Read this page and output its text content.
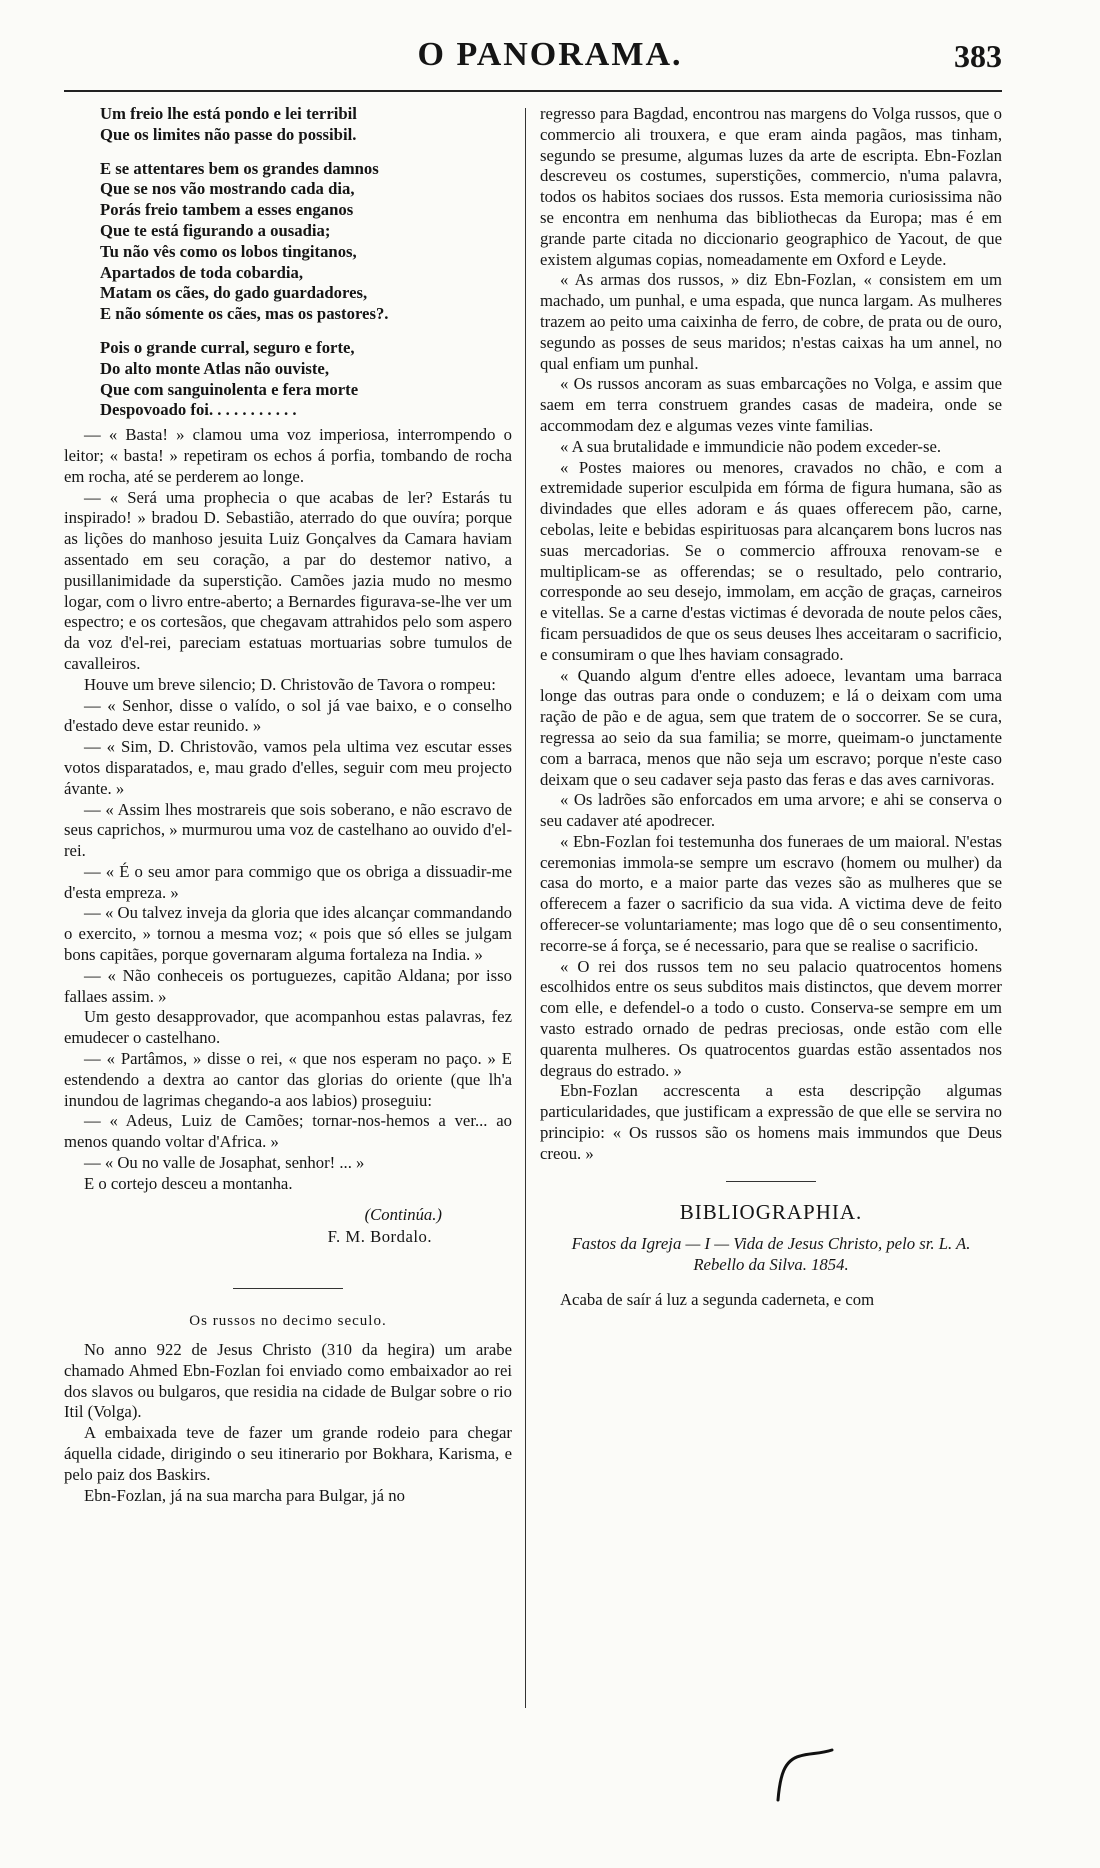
O PANORAMA.	383
Um freio lhe está pondo e lei terribil
Que os limites não passe do possibil.
E se attentares bem os grandes damnos
Que se nos vão mostrando cada dia,
Porás freio tambem a esses enganos
Que te está figurando a ousadia;
Tu não vês como os lobos tingitanos,
Apartados de toda cobardia,
Matam os cães, do gado guardadores,
E não sómente os cães, mas os pastores?.
Pois o grande curral, seguro e forte,
Do alto monte Atlas não ouviste,
Que com sanguinolenta e fera morte
Despovoado foi. . . . . . . . . . .

— « Basta! » clamou uma voz imperiosa, interrompendo o leitor; « basta! » repetiram os echos á porfia, tombando de rocha em rocha, até se perderem ao longe.

— « Será uma prophecia o que acabas de ler? Estarás tu inspirado! » bradou D. Sebastião, aterrado do que ouvíra; porque as lições do manhoso jesuita Luiz Gonçalves da Camara haviam assentado em seu coração, a par do destemor nativo, a pusillanimidade da superstição. Camões jazia mudo no mesmo logar, com o livro entre-aberto; a Bernardes figurava-se-lhe ver um espectro; e os cortesãos, que chegavam attrahidos pelo som aspero da voz d'el-rei, pareciam estatuas mortuarias sobre tumulos de cavalleiros.

Houve um breve silencio; D. Christovão de Tavora o rompeu:

— « Senhor, disse o valído, o sol já vae baixo, e o conselho d'estado deve estar reunido. »

— « Sim, D. Christovão, vamos pela ultima vez escutar esses votos disparatados, e, mau grado d'elles, seguir com meu projecto ávante. »

— « Assim lhes mostrareis que sois soberano, e não escravo de seus caprichos, » murmurou uma voz de castelhano ao ouvido d'el-rei.

— « É o seu amor para commigo que os obriga a dissuadir-me d'esta empreza. »

— « Ou talvez inveja da gloria que ides alcançar commandando o exercito, » tornou a mesma voz; « pois que só elles se julgam bons capitães, porque governaram alguma fortaleza na India. »

— « Não conheceis os portuguezes, capitão Aldana; por isso fallaes assim. »

Um gesto desapprovador, que acompanhou estas palavras, fez emudecer o castelhano.

— « Partâmos, » disse o rei, « que nos esperam no paço. » E estendendo a dextra ao cantor das glorias do oriente (que lh'a inundou de lagrimas chegando-a aos labios) proseguiu:

— « Adeus, Luiz de Camões; tornar-nos-hemos a ver... ao menos quando voltar d'Africa. »

— « Ou no valle de Josaphat, senhor! ... »

E o cortejo desceu a montanha.

(Continúa.)

F. M. Bordalo.

Os russos no decimo seculo.

No anno 922 de Jesus Christo (310 da hegira) um arabe chamado Ahmed Ebn-Fozlan foi enviado como embaixador ao rei dos slavos ou bulgaros, que residia na cidade de Bulgar sobre o rio Itil (Volga).

A embaixada teve de fazer um grande rodeio para chegar áquella cidade, dirigindo o seu itinerario por Bokhara, Karisma, e pelo paiz dos Baskirs.

Ebn-Fozlan, já na sua marcha para Bulgar, já no

regresso para Bagdad, encontrou nas margens do Volga russos, que o commercio ali trouxera, e que eram ainda pagãos, mas tinham, segundo se presume, algumas luzes da arte de escripta. Ebn-Fozlan descreveu os costumes, superstições, commercio, n'uma palavra, todos os habitos sociaes dos russos. Esta memoria curiosissima não se encontra em nenhuma das bibliothecas da Europa; mas é em grande parte citada no diccionario geographico de Yacout, de que existem algumas copias, nomeadamente em Oxford e Leyde.

« As armas dos russos, » diz Ebn-Fozlan, « consistem em um machado, um punhal, e uma espada, que nunca largam. As mulheres trazem ao peito uma caixinha de ferro, de cobre, de prata ou de ouro, segundo as posses de seus maridos; n'estas caixas ha um annel, no qual enfiam um punhal.

« Os russos ancoram as suas embarcações no Volga, e assim que saem em terra construem grandes casas de madeira, onde se accommodam dez e algumas vezes vinte familias.

« A sua brutalidade e immundicie não podem exceder-se.

« Postes maiores ou menores, cravados no chão, e com a extremidade superior esculpida em fórma de figura humana, são as divindades que elles adoram e ás quaes offerecem pão, carne, cebolas, leite e bebidas espirituosas para alcançarem bons lucros nas suas mercadorias. Se o commercio affrouxa renovam-se e multiplicam-se as offerendas; se o resultado, pelo contrario, corresponde ao seu desejo, immolam, em acção de graças, carneiros e vitellas. Se a carne d'estas victimas é devorada de noute pelos cães, ficam persuadidos de que os seus deuses lhes acceitaram o sacrificio, e consumiram o que lhes haviam consagrado.

« Quando algum d'entre elles adoece, levantam uma barraca longe das outras para onde o conduzem; e lá o deixam com uma ração de pão e de agua, sem que tratem de o soccorrer. Se se cura, regressa ao seio da sua familia; se morre, queimam-o junctamente com a barraca, menos que não seja um escravo; porque n'este caso deixam que o seu cadaver seja pasto das feras e das aves carnivoras.

« Os ladrões são enforcados em uma arvore; e ahi se conserva o seu cadaver até apodrecer.

« Ebn-Fozlan foi testemunha dos funeraes de um maioral. N'estas ceremonias immola-se sempre um escravo (homem ou mulher) da casa do morto, e a maior parte das vezes são as mulheres que se offerecem a fazer o sacrificio da sua vida. A victima deve de feito offerecer-se voluntariamente; mas logo que dê o seu consentimento, recorre-se á força, se é necessario, para que se realise o sacrificio.

« O rei dos russos tem no seu palacio quatrocentos homens escolhidos entre os seus subditos mais distinctos, que devem morrer com elle, e defendel-o a todo o custo. Conserva-se sempre em um vasto estrado ornado de pedras preciosas, onde estão com elle quarenta mulheres. Os quatrocentos guardas estão assentados nos degraus do estrado. »

Ebn-Fozlan accrescenta a esta descripção algumas particularidades, que justificam a expressão de que elle se servira no principio: « Os russos são os homens mais immundos que Deus creou. »

BIBLIOGRAPHIA.

Fastos da Igreja — I — Vida de Jesus Christo, pelo sr. L. A. Rebello da Silva. 1854.

Acaba de saír á luz a segunda caderneta, e com
